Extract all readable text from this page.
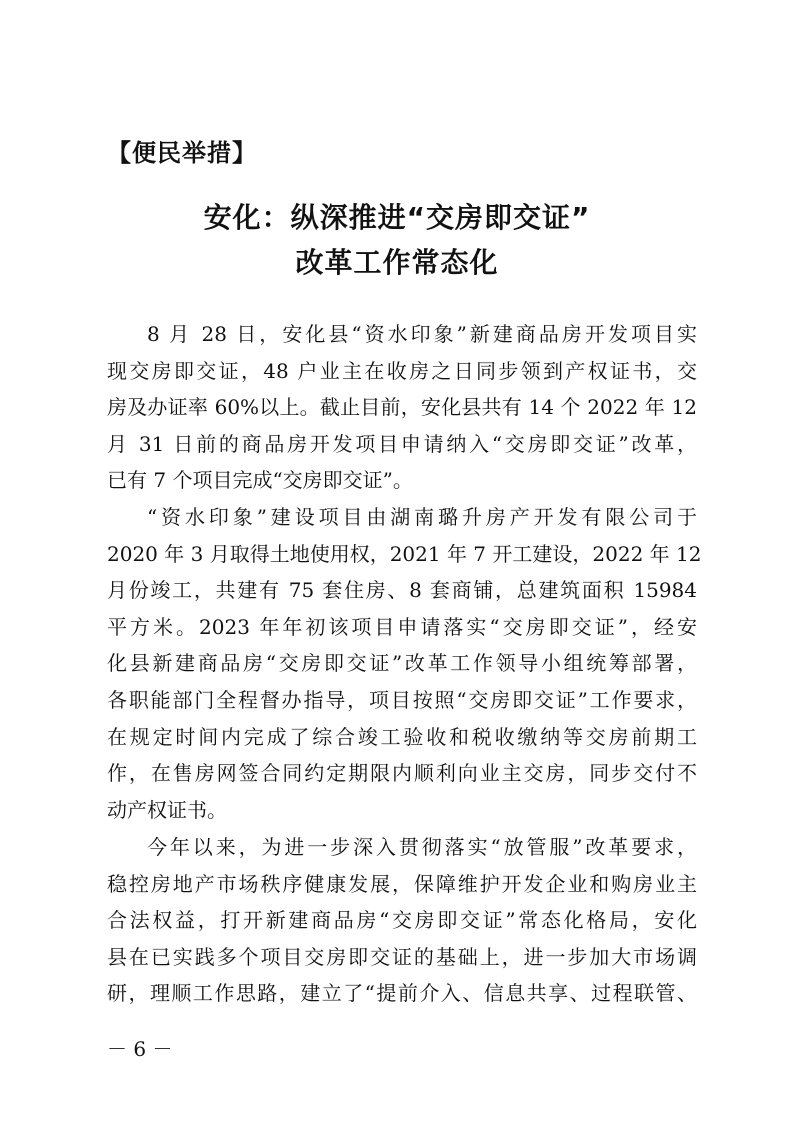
【便民举措】
安化：纵深推进“交房即交证”
改革工作常态化
8 月 28 日，安化县“资水印象”新建商品房开发项目实
现交房即交证，48 户业主在收房之日同步领到产权证书，交
房及办证率 60%以上。截止目前，安化县共有 14 个 2022 年 12
月 31 日前的商品房开发项目申请纳入“交房即交证”改革，
已有 7 个项目完成“交房即交证”。
“资水印象”建设项目由湖南璐升房产开发有限公司于
2020 年 3 月取得土地使用权，2021 年 7 开工建设，2022 年 12
月份竣工，共建有 75 套住房、8 套商铺，总建筑面积 15984
平方米。2023 年年初该项目申请落实“交房即交证”，经安
化县新建商品房“交房即交证”改革工作领导小组统筹部署，
各职能部门全程督办指导，项目按照“交房即交证”工作要求，
在规定时间内完成了综合竣工验收和税收缴纳等交房前期工
作，在售房网签合同约定期限内顺利向业主交房，同步交付不
动产权证书。
今年以来，为进一步深入贯彻落实“放管服”改革要求，
稳控房地产市场秩序健康发展，保障维护开发企业和购房业主
合法权益，打开新建商品房“交房即交证”常态化格局，安化
县在已实践多个项目交房即交证的基础上，进一步加大市场调
研，理顺工作思路，建立了“提前介入、信息共享、过程联管、
－ 6 －
